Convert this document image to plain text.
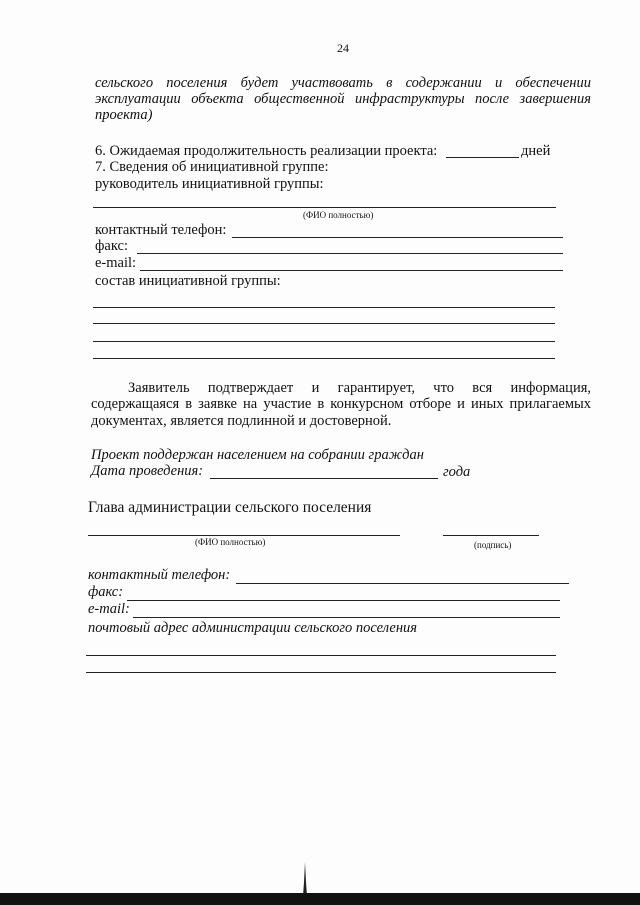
24
сельского поселения будет участвовать в содержании и обеспечении
эксплуатации объекта общественной инфраструктуры после завершения
проекта)
6. Ожидаемая продолжительность реализации проекта:	дней
7. Сведения об инициативной группе:
руководитель инициативной группы:
(ФИО полностью)
контактный телефон:
факс:
e-mail:
состав инициативной группы:
Заявитель подтверждает и гарантирует, что вся информация,
содержащаяся в заявке на участие в конкурсном отборе и иных прилагаемых
документах, является подлинной и достоверной.
Проект поддержан населением на собрании граждан
Дата проведения:	года
Глава администрации сельского поселения
(ФИО полностью)	(подпись)
контактный телефон:
факс:
e-mail:
почтовый адрес администрации сельского поселения
